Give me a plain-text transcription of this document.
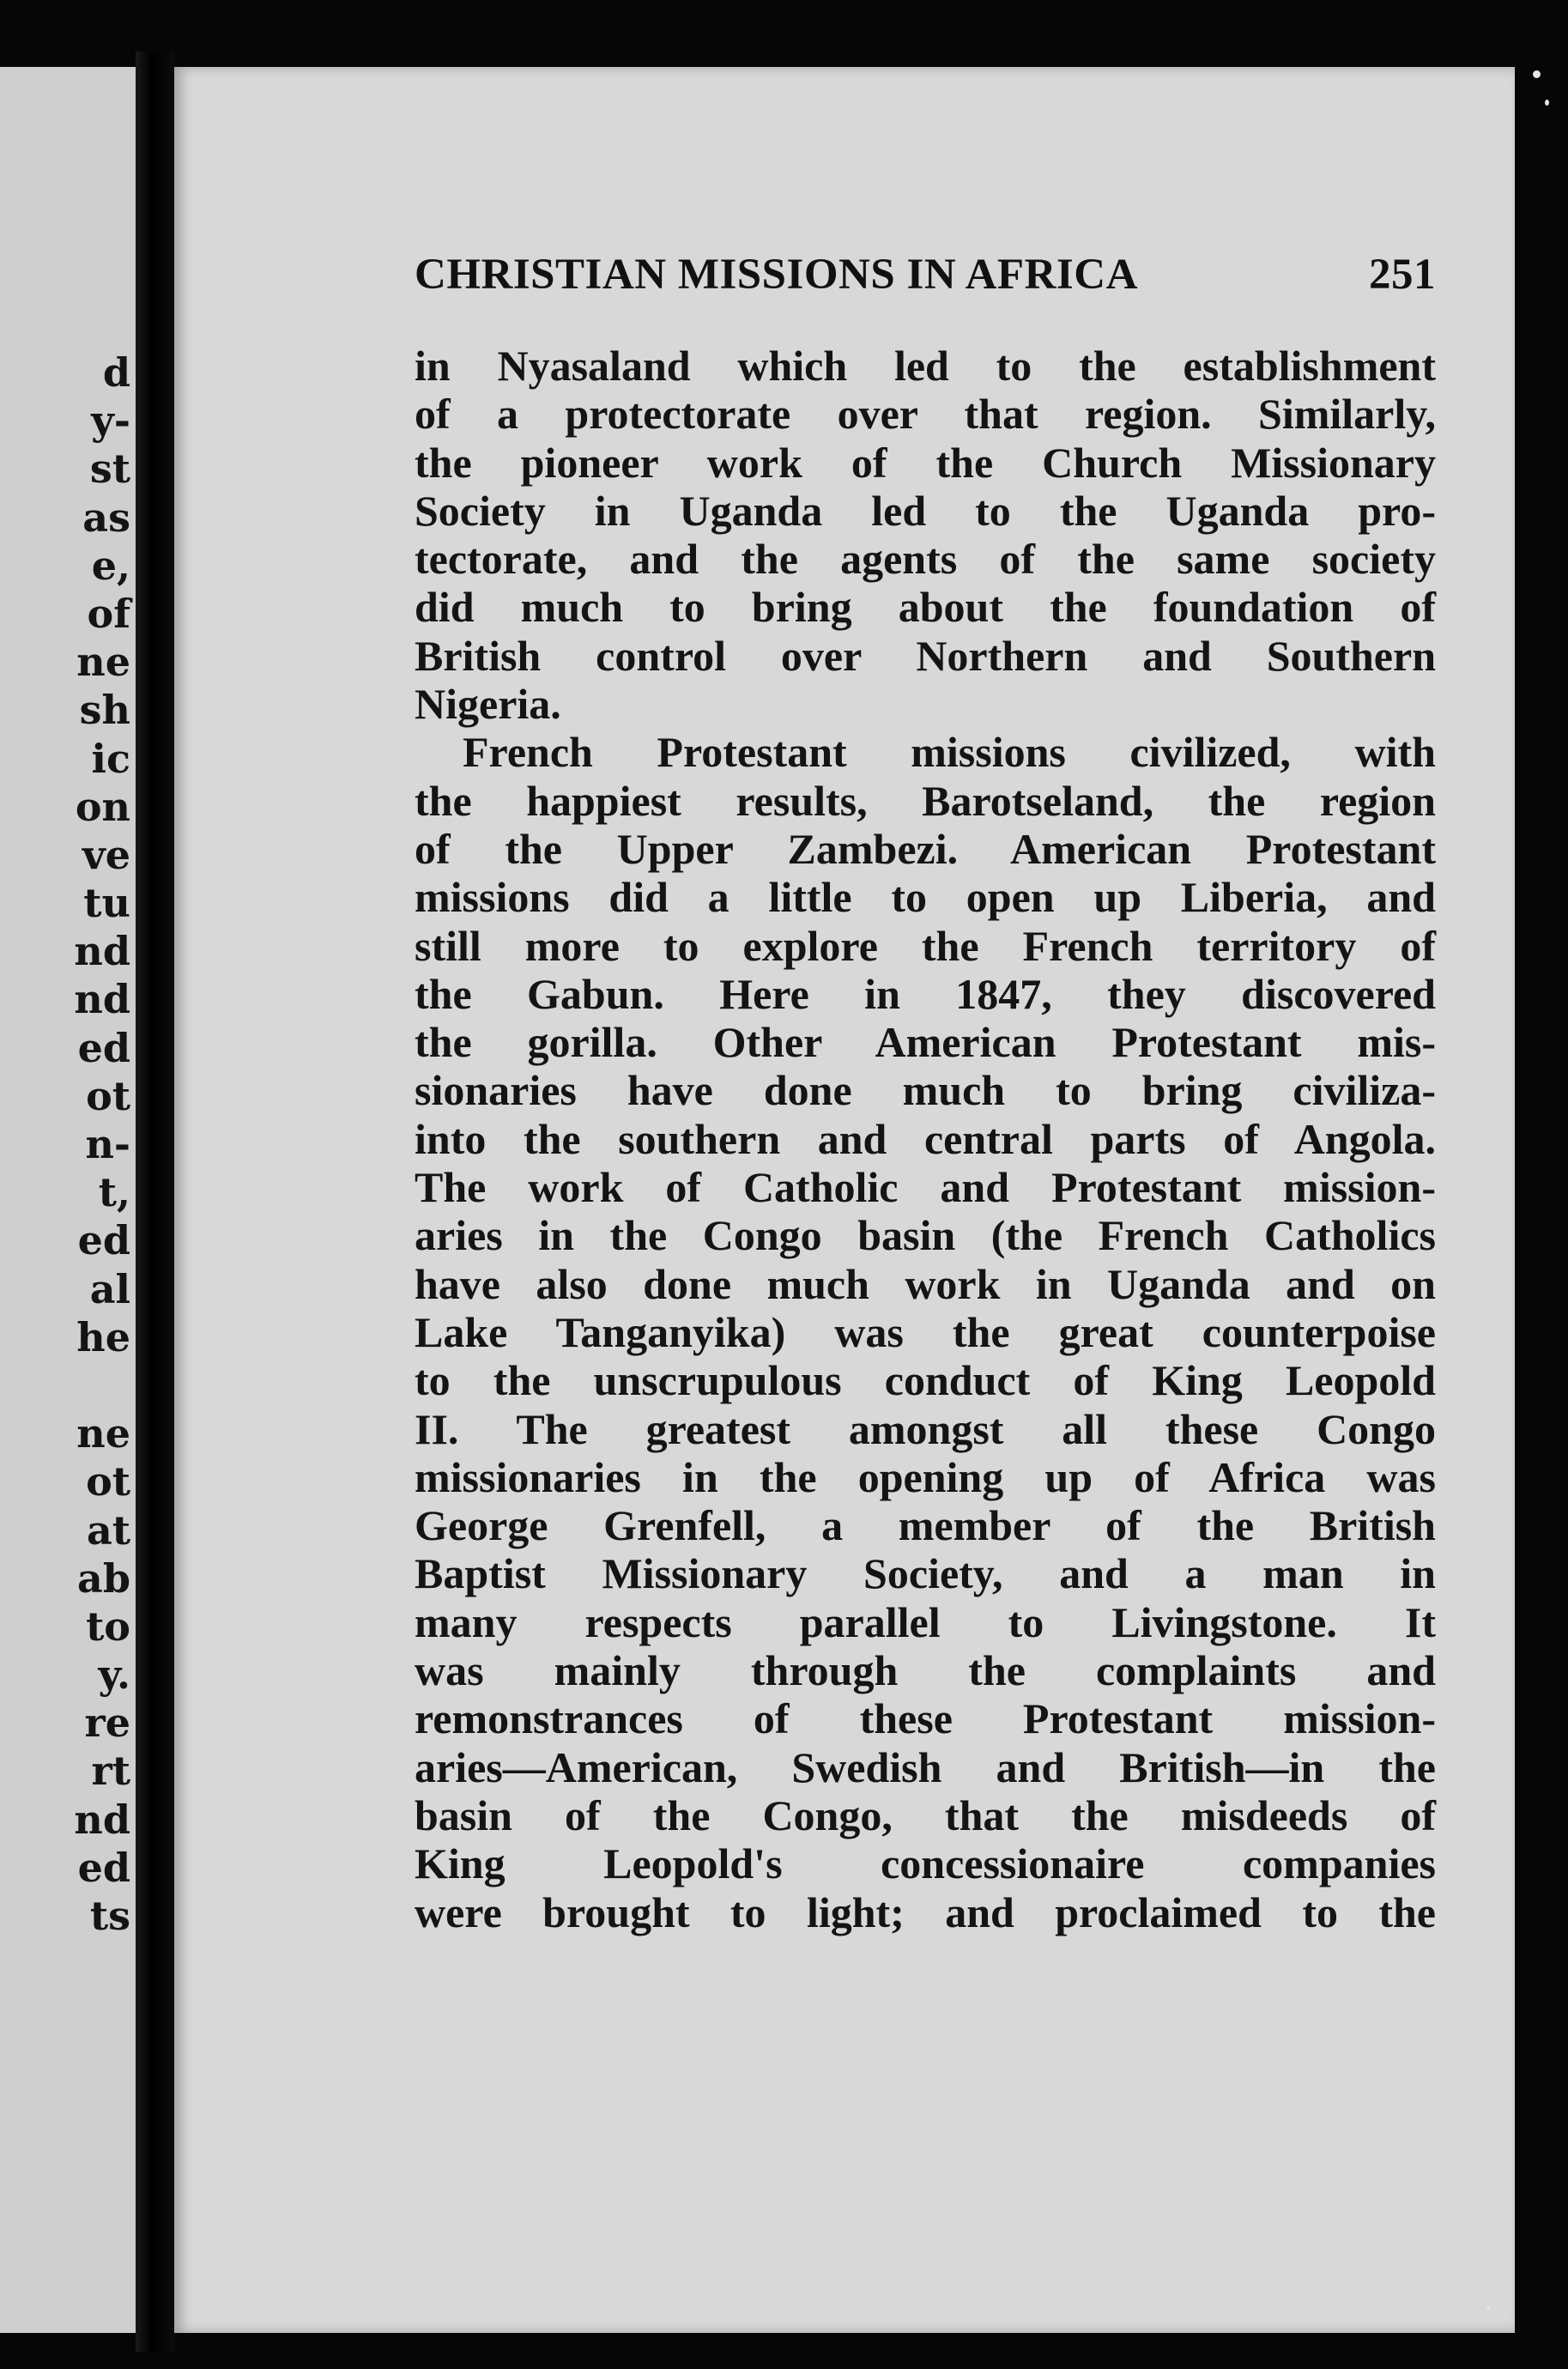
d
y-
st
as
e,
of
ne
sh
ic
on
ve
tu
nd
nd
ed
ot
n-
t,
ed
al
he
ne
ot
at
ab
to
y.
re
rt
nd
ed
ts
CHRISTIAN MISSIONS IN AFRICA	251
in Nyasaland which led to the establishment
of a protectorate over that region. Similarly,
the pioneer work of the Church Missionary
Society in Uganda led to the Uganda pro-
tectorate, and the agents of the same society
did much to bring about the foundation of
British control over Northern and Southern
Nigeria.
French Protestant missions civilized, with
the happiest results, Barotseland, the region
of the Upper Zambezi. American Protestant
missions did a little to open up Liberia, and
still more to explore the French territory of
the Gabun. Here in 1847, they discovered
the gorilla. Other American Protestant mis-
sionaries have done much to bring civiliza-
into the southern and central parts of Angola.
The work of Catholic and Protestant mission-
aries in the Congo basin (the French Catholics
have also done much work in Uganda and on
Lake Tanganyika) was the great counterpoise
to the unscrupulous conduct of King Leopold
II. The greatest amongst all these Congo
missionaries in the opening up of Africa was
George Grenfell, a member of the British
Baptist Missionary Society, and a man in
many respects parallel to Livingstone. It
was mainly through the complaints and
remonstrances of these Protestant mission-
aries—American, Swedish and British—in the
basin of the Congo, that the misdeeds of
King Leopold's concessionaire companies
were brought to light; and proclaimed to the
